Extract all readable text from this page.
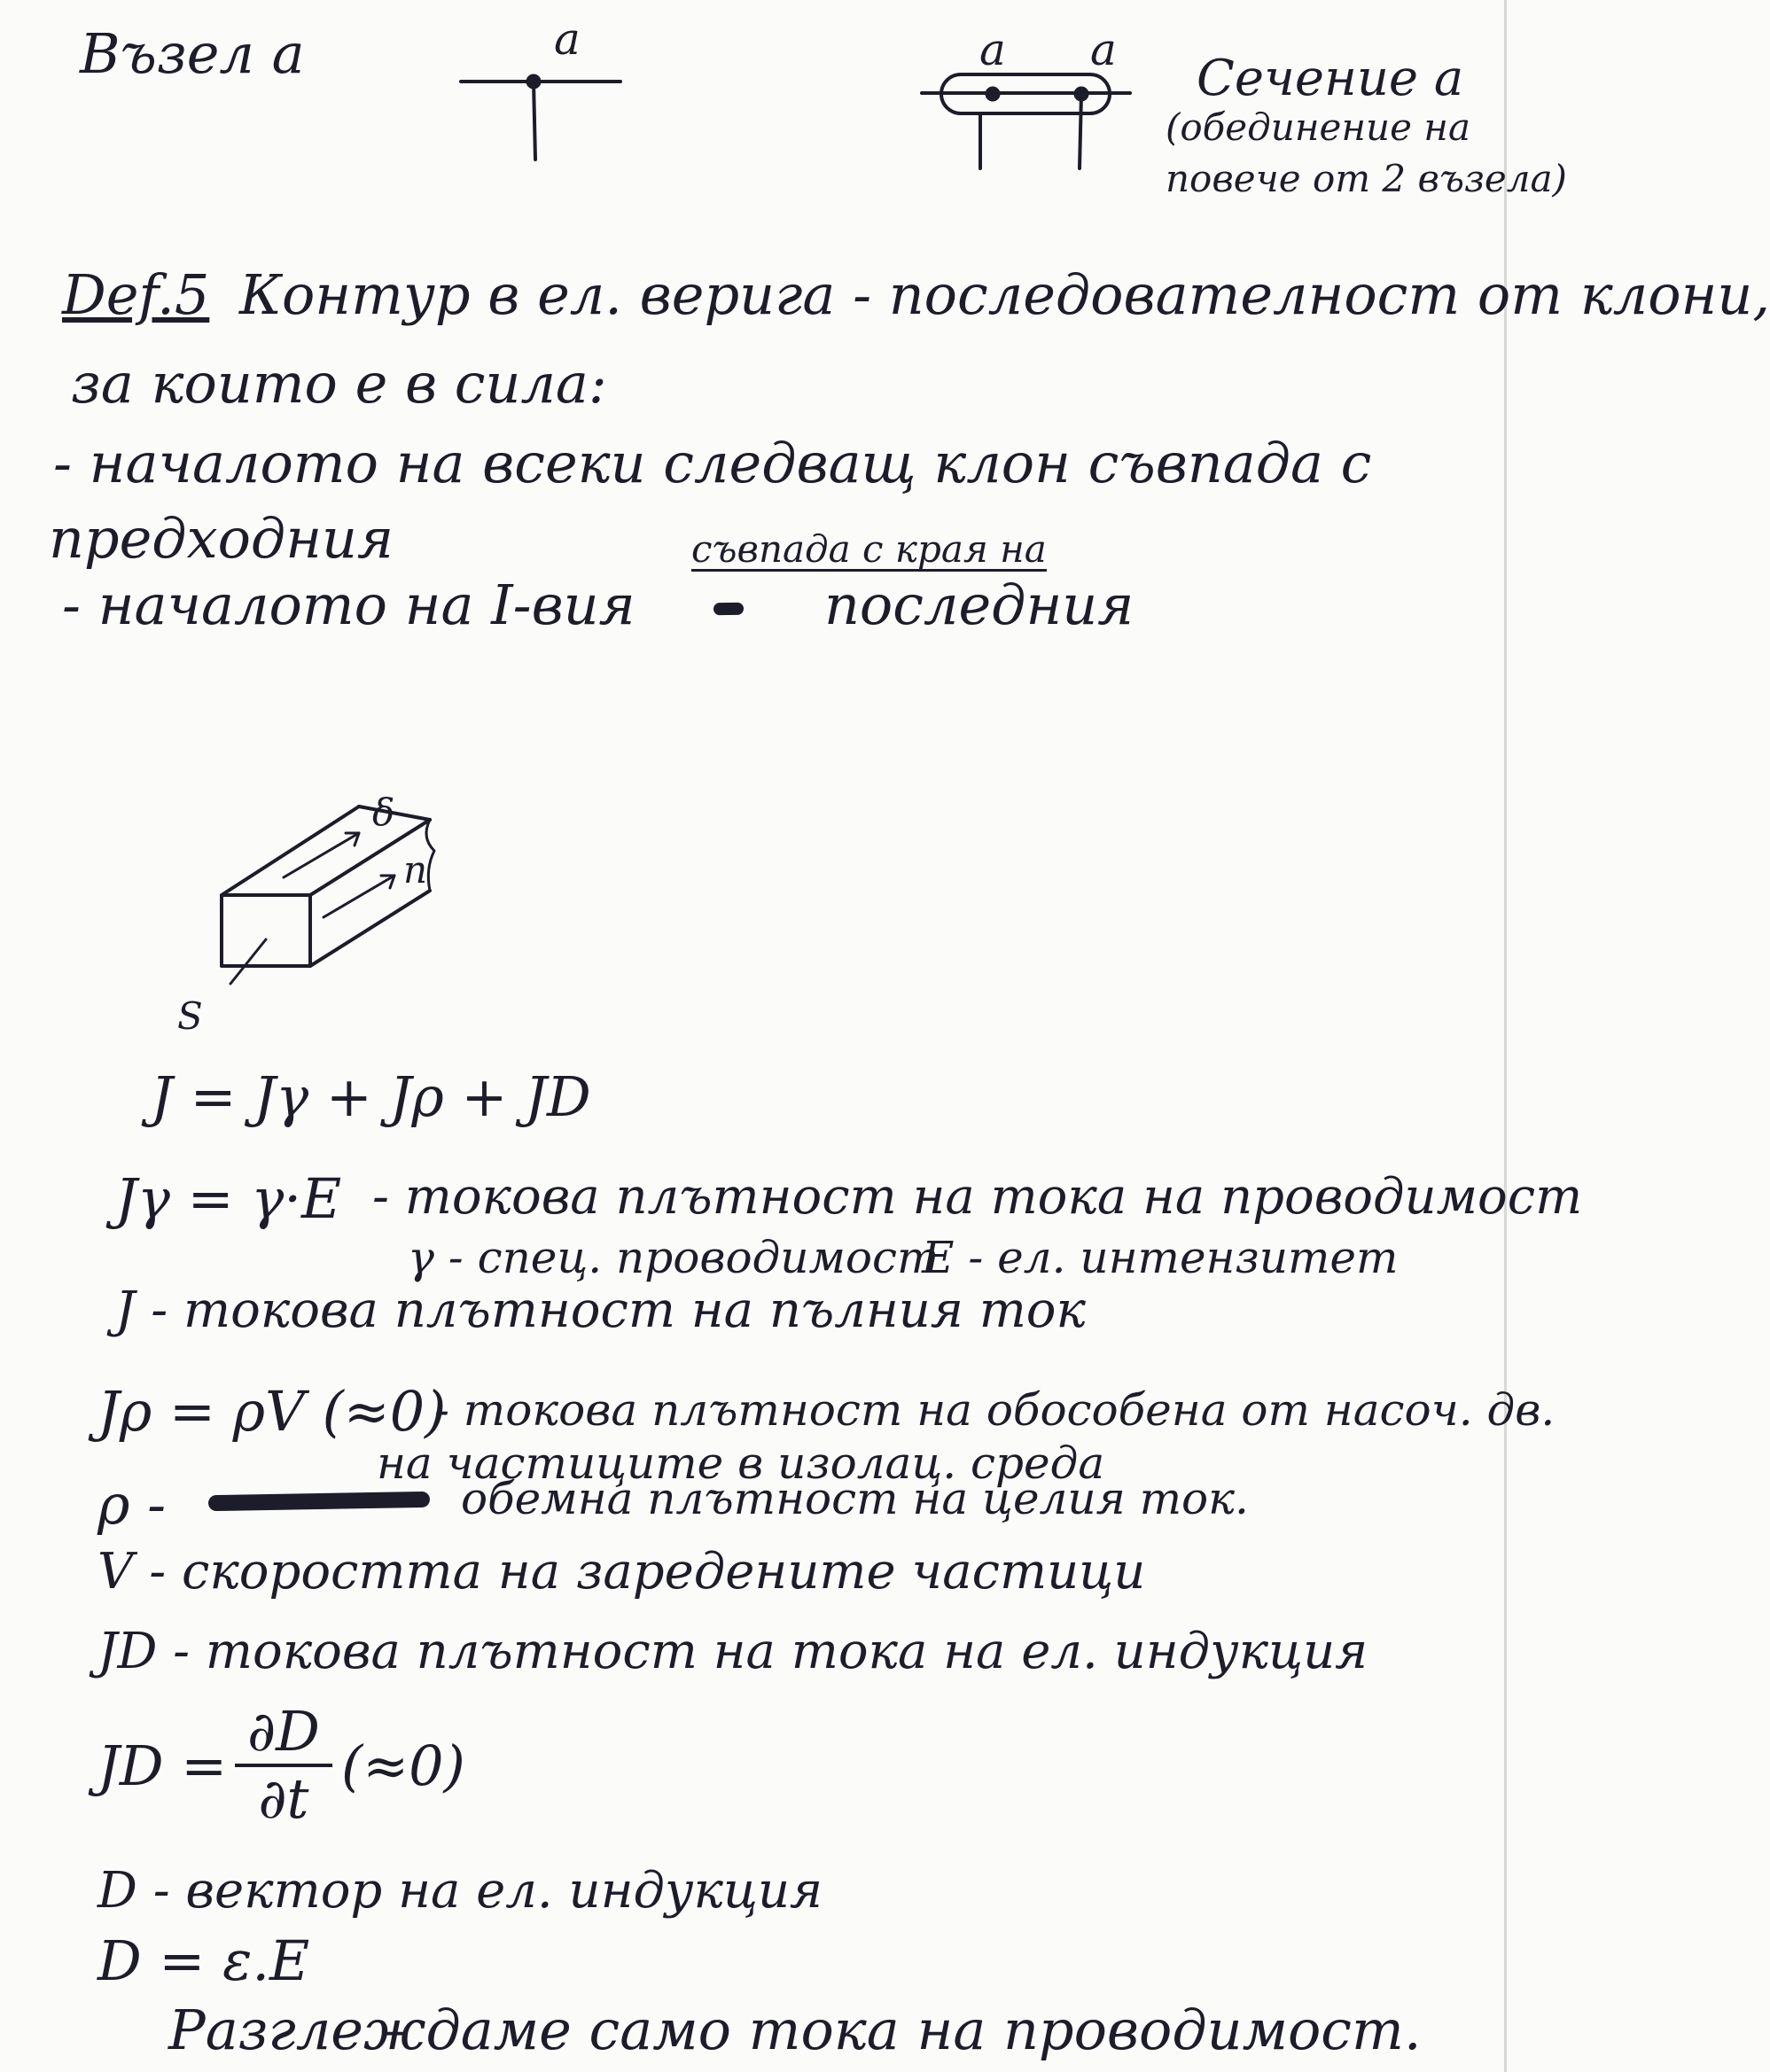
Възел а	a	a a Сечение а
(обединение на
повече от 2 възела)
Def.5 Контур в ел. верига - последователност от клони,
за които е в сила:
- началото на всеки следващ клон съвпада с
предходния	съвпада с края на
- началото на I-вия	последния
δ
n
S
J = Jγ + Jρ + JD
Jγ = γ·E - токова плътност на тока на проводимост
γ - спец. проводимост
E - ел. интензитет
J - токова плътност на пълния ток
Jρ = ρV (≈0)
- токова плътност на обособена от насоч. дв.
на частиците в изолац. среда
ρ -	обемна плътност на целия ток.
V - скоростта на заредените частици
JD - токова плътност на тока на ел. индукция
JD =
∂D
∂t
(≈0)
D - вектор на ел. индукция
D = ε.E
Разглеждаме само тока на проводимост.
